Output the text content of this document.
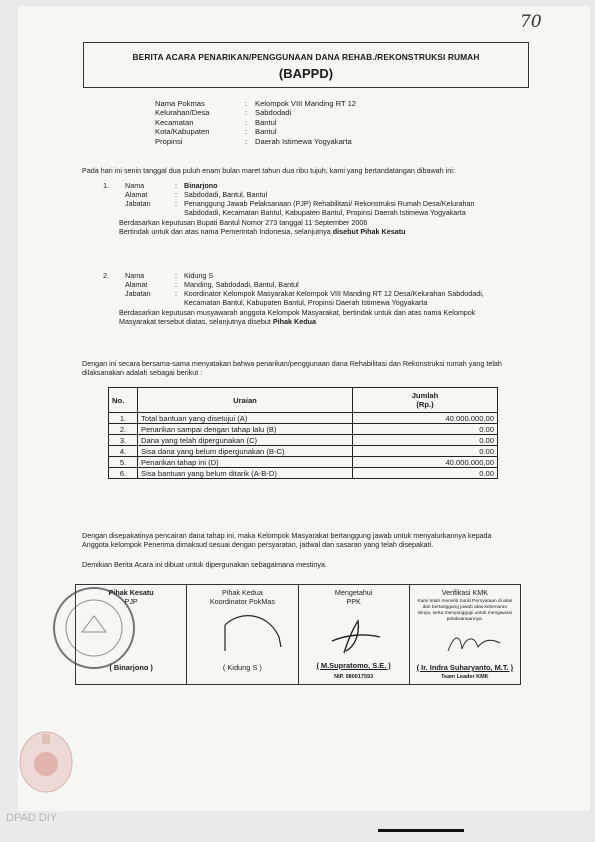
70
BERITA ACARA PENARIKAN/PENGGUNAAN DANA REHAB./REKONSTRUKSI RUMAH
(BAPPD)
Nama Pokmas	:	Kelompok VIII Manding RT 12
Kelurahan/Desa	:	Sabdodadi
Kecamatan	:	Bantul
Kota/Kabupaten	:	Bantul
Propinsi	:	Daerah Istimewa Yogyakarta
Pada hari ini senin tanggal dua puluh enam bulan maret tahun dua ribu tujuh, kami yang bertandatangan dibawah ini:
1.	Nama	: Binarjono
Alamat	: Sabdodadi, Bantul, Bantul
Jabatan	: Penanggung Jawab Pelaksanaan (PJP) Rehabilitasi/ Rekonstruksi Rumah Desa/Kelurahan Sabdodadi, Kecamatan Bantul, Kabupaten Bantul, Propinsi Daerah Istimewa Yogyakarta
Berdasarkan keputusan Bupati Bantul Nomor 273 tanggal 11 September 2006
Bertindak untuk dan atas nama Pemerintah Indonesia, selanjutnya disebut Pihak Kesatu
2.	Nama	: Kidung S
Alamat	: Manding, Sabdodadi, Bantul, Bantul
Jabatan	: Koordinator Kelompok Masyarakat Kelompok VIII Manding RT 12 Desa/Kelurahan Sabdodadi, Kecamatan Bantul, Kabupaten Bantul, Propinsi Daerah Istimewa Yogyakarta
Berdasarkan keputusan musyawarah anggota Kelompok Masyarakat, bertindak untuk dan atas nama Kelompok Masyarakat tersebut diatas, selanjutnya disebut Pihak Kedua
Dengan ini secara bersama-sama menyatakan bahwa penarikan/penggunaan dana Rehabilitasi dan Rekonstruksi rumah yang telah dilaksanakan adalah sebagai berikut :
No.	Uraian	Jumlah
(Rp.)

1.	Total bantuan yang disetujui (A)	40.000.000,00
2.	Penarikan sampai dengan tahap lalu (B)	0.00
3.	Dana yang telah dipergunakan (C)	0.00
4.	Sisa dana yang belum dipergunakan (B-C)	0.00
5.	Penarikan tahap ini (D)	40.000.000,00
6.	Sisa bantuan yang belum ditarik (A-B-D)	0.00
Dengan disepakatinya pencairan dana tahap ini, maka Kelompok Masyarakat bertanggung jawab untuk menyalurkannya kepada Anggota kelompok Penerima dimaksud sesuai dengan persyaratan, jadwal dan sasaran yang telah disepakati.
Demikian Berita Acara ini dibuat untuk dipergunakan sebagaimana mestinya.
Pihak Kesatu
PJP
( Binarjono )
Pihak Kedua
Koordinator PokMas
( Kidung S )
Mengetahui
PPK
( M.Supratomo, S.E. )
NIP. 080017593
Verifikasi KMK
Kami telah meneliti Surat Pernyataan di atas dan bertanggung jawab atas kebenaran isinya, serta menyanggupi untuk mengawasi pelaksanaannya.
( Ir. Indra Suharyanto, M.T. )
Team Leader KMK
DPAD DIY
